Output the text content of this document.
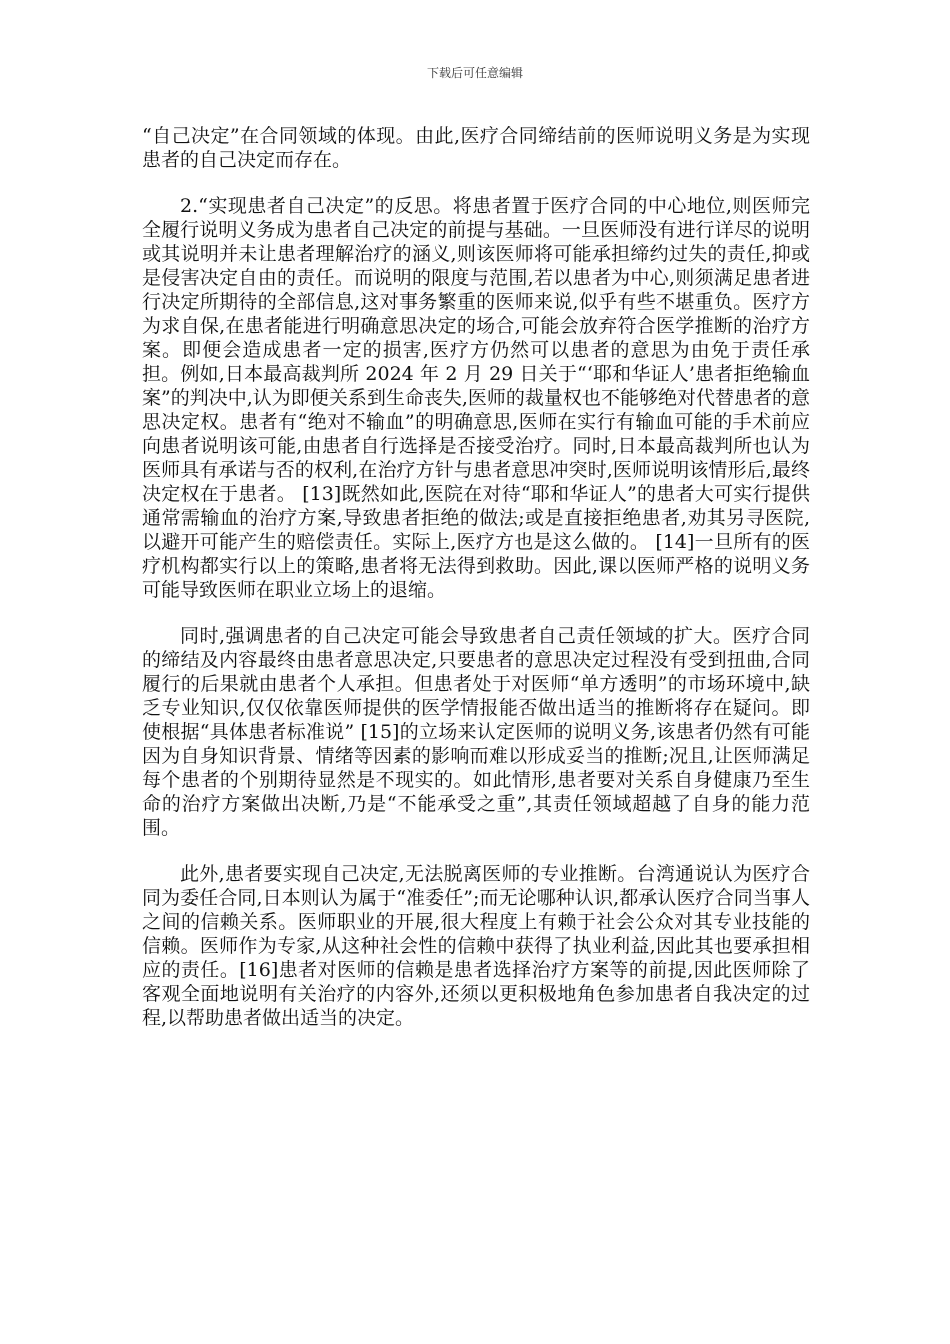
下载后可任意编辑

“自己决定”在合同领域的体现。由此,医疗合同缔结前的医师说明义务是为实现患者的自己决定而存在。

2.“实现患者自己决定”的反思。将患者置于医疗合同的中心地位,则医师完全履行说明义务成为患者自己决定的前提与基础。一旦医师没有进行详尽的说明或其说明并未让患者理解治疗的涵义,则该医师将可能承担缔约过失的责任,抑或是侵害决定自由的责任。而说明的限度与范围,若以患者为中心,则须满足患者进行决定所期待的全部信息,这对事务繁重的医师来说,似乎有些不堪重负。医疗方为求自保,在患者能进行明确意思决定的场合,可能会放弃符合医学推断的治疗方案。即便会造成患者一定的损害,医疗方仍然可以患者的意思为由免于责任承担。例如,日本最高裁判所 2024 年 2 月 29 日关于“‘耶和华证人’患者拒绝输血案”的判决中,认为即便关系到生命丧失,医师的裁量权也不能够绝对代替患者的意思决定权。患者有“绝对不输血”的明确意思,医师在实行有输血可能的手术前应向患者说明该可能,由患者自行选择是否接受治疗。同时,日本最高裁判所也认为医师具有承诺与否的权利,在治疗方针与患者意思冲突时,医师说明该情形后,最终决定权在于患者。 [13]既然如此,医院在对待“耶和华证人”的患者大可实行提供通常需输血的治疗方案,导致患者拒绝的做法;或是直接拒绝患者,劝其另寻医院,以避开可能产生的赔偿责任。实际上,医疗方也是这么做的。 [14]一旦所有的医疗机构都实行以上的策略,患者将无法得到救助。因此,课以医师严格的说明义务可能导致医师在职业立场上的退缩。

同时,强调患者的自己决定可能会导致患者自己责任领域的扩大。医疗合同的缔结及内容最终由患者意思决定,只要患者的意思决定过程没有受到扭曲,合同履行的后果就由患者个人承担。但患者处于对医师“单方透明”的市场环境中,缺乏专业知识,仅仅依靠医师提供的医学情报能否做出适当的推断将存在疑问。即使根据“具体患者标准说” [15]的立场来认定医师的说明义务,该患者仍然有可能因为自身知识背景、情绪等因素的影响而难以形成妥当的推断;况且,让医师满足每个患者的个别期待显然是不现实的。如此情形,患者要对关系自身健康乃至生命的治疗方案做出决断,乃是“不能承受之重”,其责任领域超越了自身的能力范围。

此外,患者要实现自己决定,无法脱离医师的专业推断。台湾通说认为医疗合同为委任合同,日本则认为属于“准委任”;而无论哪种认识,都承认医疗合同当事人之间的信赖关系。医师职业的开展,很大程度上有赖于社会公众对其专业技能的信赖。医师作为专家,从这种社会性的信赖中获得了执业利益,因此其也要承担相应的责任。[16]患者对医师的信赖是患者选择治疗方案等的前提,因此医师除了客观全面地说明有关治疗的内容外,还须以更积极地角色参加患者自我决定的过程,以帮助患者做出适当的决定。
